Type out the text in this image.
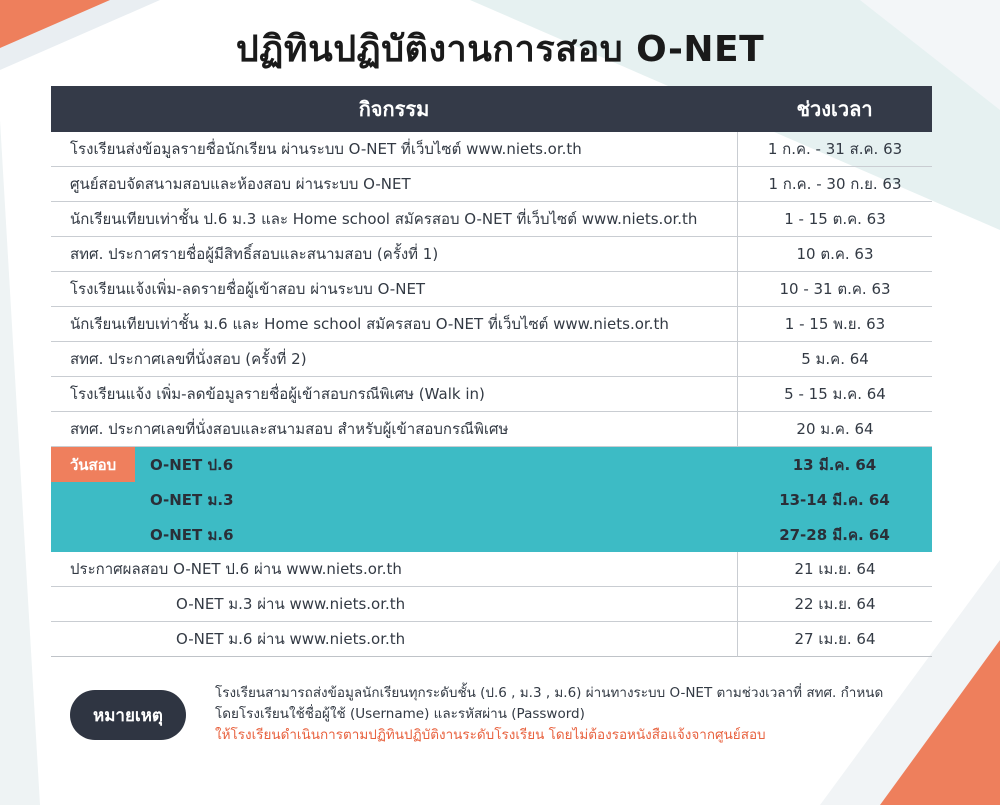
ปฏิทินปฏิบัติงานการสอบ O-NET
กิจกรรม	ช่วงเวลา
โรงเรียนส่งข้อมูลรายชื่อนักเรียน ผ่านระบบ O-NET ที่เว็บไซต์ www.niets.or.th	1 ก.ค. - 31 ส.ค. 63
ศูนย์สอบจัดสนามสอบและห้องสอบ ผ่านระบบ O-NET	1 ก.ค. - 30 ก.ย. 63
นักเรียนเทียบเท่าชั้น ป.6 ม.3 และ Home school สมัครสอบ O-NET ที่เว็บไซต์ www.niets.or.th	1 - 15 ต.ค. 63
สทศ. ประกาศรายชื่อผู้มีสิทธิ์สอบและสนามสอบ (ครั้งที่ 1)	10 ต.ค. 63
โรงเรียนแจ้งเพิ่ม-ลดรายชื่อผู้เข้าสอบ ผ่านระบบ O-NET	10 - 31 ต.ค. 63
นักเรียนเทียบเท่าชั้น ม.6 และ Home school สมัครสอบ O-NET ที่เว็บไซต์ www.niets.or.th	1 - 15 พ.ย. 63
สทศ. ประกาศเลขที่นั่งสอบ (ครั้งที่ 2)	5 ม.ค. 64
โรงเรียนแจ้ง เพิ่ม-ลดข้อมูลรายชื่อผู้เข้าสอบกรณีพิเศษ (Walk in)	5 - 15 ม.ค. 64
สทศ. ประกาศเลขที่นั่งสอบและสนามสอบ สำหรับผู้เข้าสอบกรณีพิเศษ	20 ม.ค. 64
วันสอบ	O-NET ป.6	13 มี.ค. 64
O-NET ม.3	13-14 มี.ค. 64
O-NET ม.6	27-28 มี.ค. 64
ประกาศผลสอบ O-NET ป.6 ผ่าน www.niets.or.th	21 เม.ย. 64
O-NET ม.3 ผ่าน www.niets.or.th	22 เม.ย. 64
O-NET ม.6 ผ่าน www.niets.or.th	27 เม.ย. 64
หมายเหตุ
โรงเรียนสามารถส่งข้อมูลนักเรียนทุกระดับชั้น (ป.6 , ม.3 , ม.6) ผ่านทางระบบ O-NET ตามช่วงเวลาที่ สทศ. กำหนด
โดยโรงเรียนใช้ชื่อผู้ใช้ (Username) และรหัสผ่าน (Password)
ให้โรงเรียนดำเนินการตามปฏิทินปฏิบัติงานระดับโรงเรียน โดยไม่ต้องรอหนังสือแจ้งจากศูนย์สอบ
